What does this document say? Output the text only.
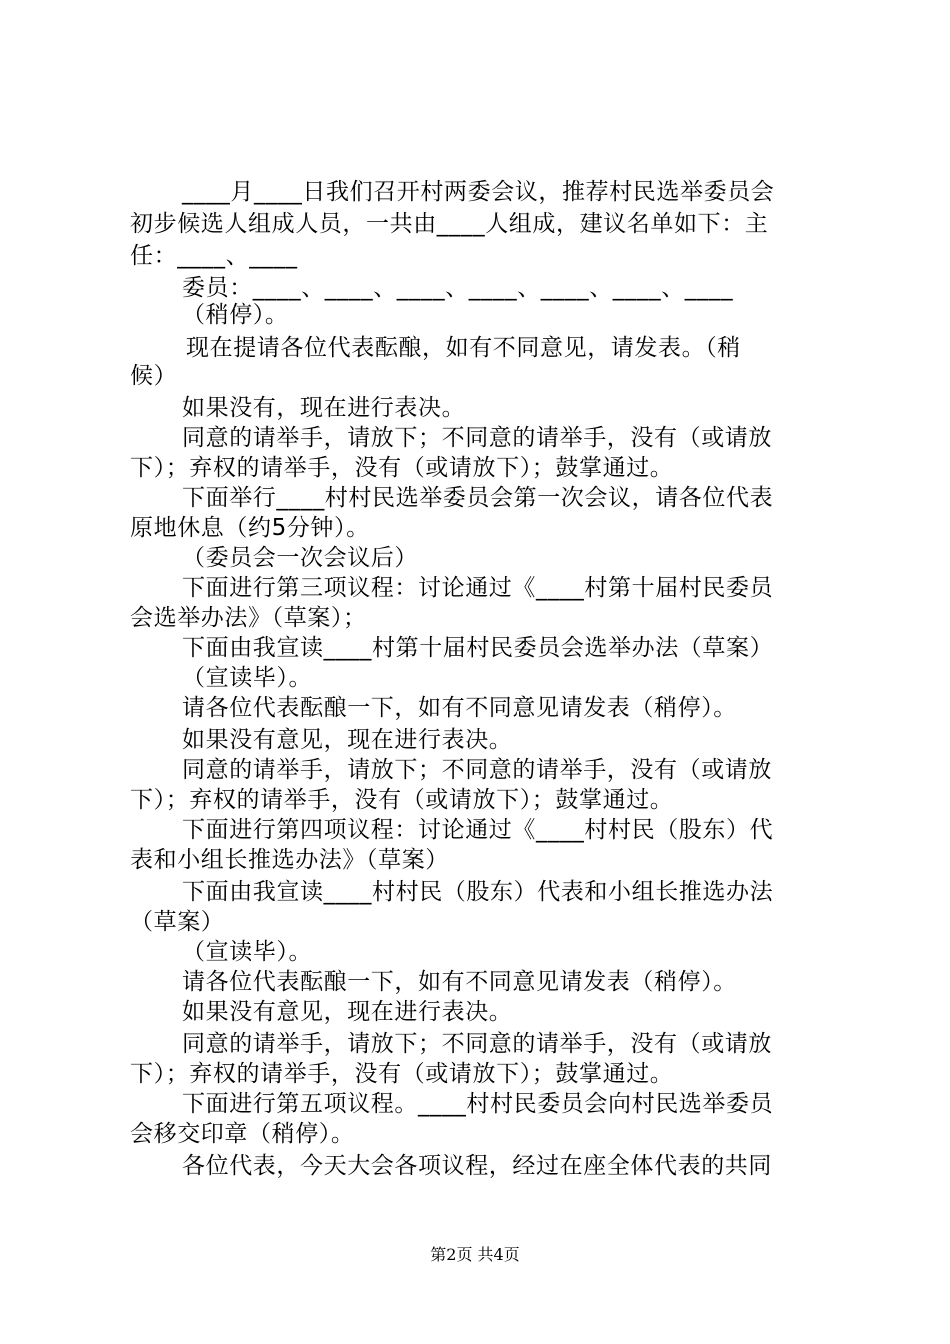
____月____日我们召开村两委会议，推荐村民选举委员会
初步候选人组成人员，一共由____人组成，建议名单如下：主
任：____、____
委员：____、____、____、____、____、____、____
（稍停）。
现在提请各位代表酝酿，如有不同意见，请发表。（稍
候）
如果没有，现在进行表决。
同意的请举手，请放下；不同意的请举手，没有（或请放
下）；弃权的请举手，没有（或请放下）；鼓掌通过。
下面举行____村村民选举委员会第一次会议，请各位代表
原地休息（约5分钟）。
（委员会一次会议后）
下面进行第三项议程：讨论通过《____村第十届村民委员
会选举办法》（草案）；
下面由我宣读____村第十届村民委员会选举办法（草案）
（宣读毕）。
请各位代表酝酿一下，如有不同意见请发表（稍停）。
如果没有意见，现在进行表决。
同意的请举手，请放下；不同意的请举手，没有（或请放
下）；弃权的请举手，没有（或请放下）；鼓掌通过。
下面进行第四项议程：讨论通过《____村村民（股东）代
表和小组长推选办法》（草案）
下面由我宣读____村村民（股东）代表和小组长推选办法
（草案）
（宣读毕）。
请各位代表酝酿一下，如有不同意见请发表（稍停）。
如果没有意见，现在进行表决。
同意的请举手，请放下；不同意的请举手，没有（或请放
下）；弃权的请举手，没有（或请放下）；鼓掌通过。
下面进行第五项议程。____村村民委员会向村民选举委员
会移交印章（稍停）。
各位代表，今天大会各项议程，经过在座全体代表的共同
第2页 共4页
